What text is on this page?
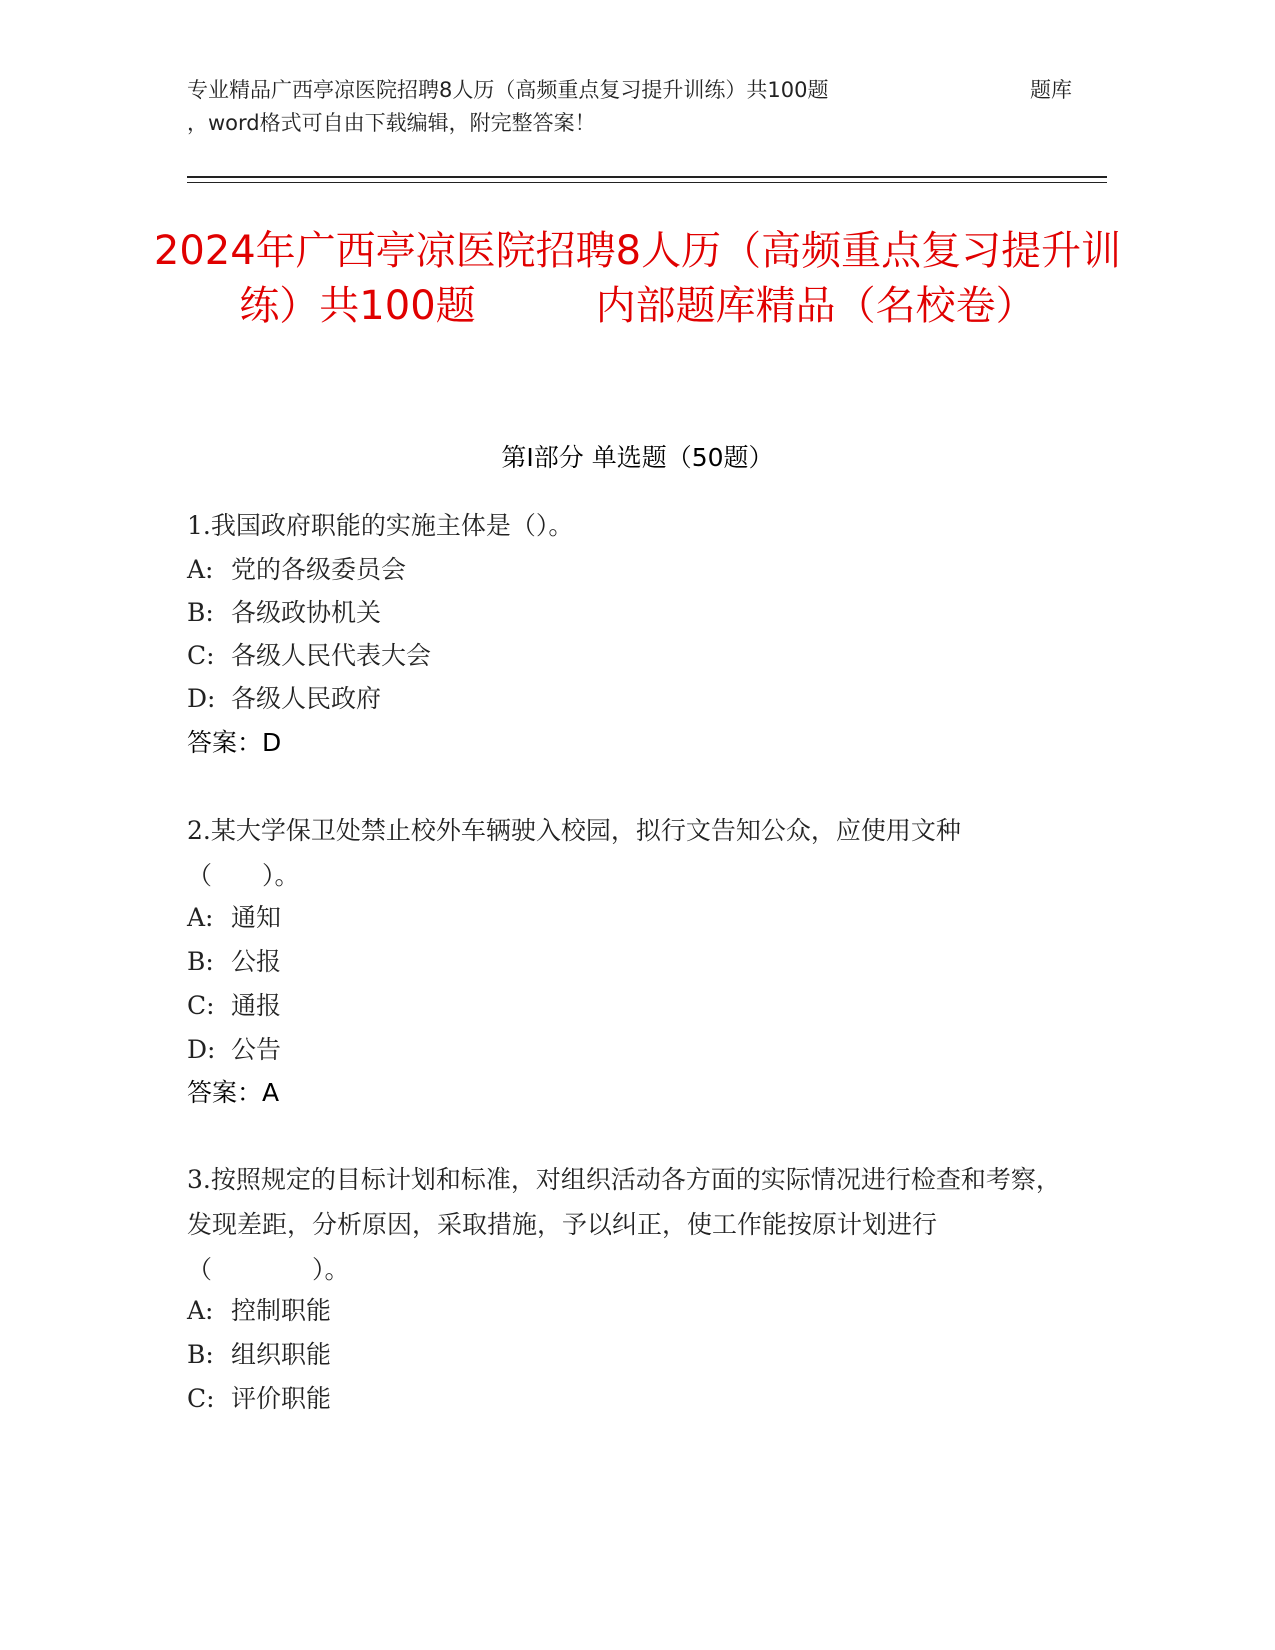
专业精品广西亭凉医院招聘8人历（高频重点复习提升训练）共100题	题库
，word格式可自由下载编辑，附完整答案！
2024年广西亭凉医院招聘8人历（高频重点复习提升训练）共100题　　　内部题库精品（名校卷）
第Ⅰ部分 单选题（50题）
1.我国政府职能的实施主体是（）。
A: 党的各级委员会
B: 各级政协机关
C: 各级人民代表大会
D: 各级人民政府
答案：D
2.某大学保卫处禁止校外车辆驶入校园，拟行文告知公众，应使用文种（　　）。
A: 通知
B: 公报
C: 通报
D: 公告
答案：A
3.按照规定的目标计划和标准，对组织活动各方面的实际情况进行检查和考察，发现差距，分析原因，采取措施，予以纠正，使工作能按原计划进行（　　　　）。
A: 控制职能
B: 组织职能
C: 评价职能
